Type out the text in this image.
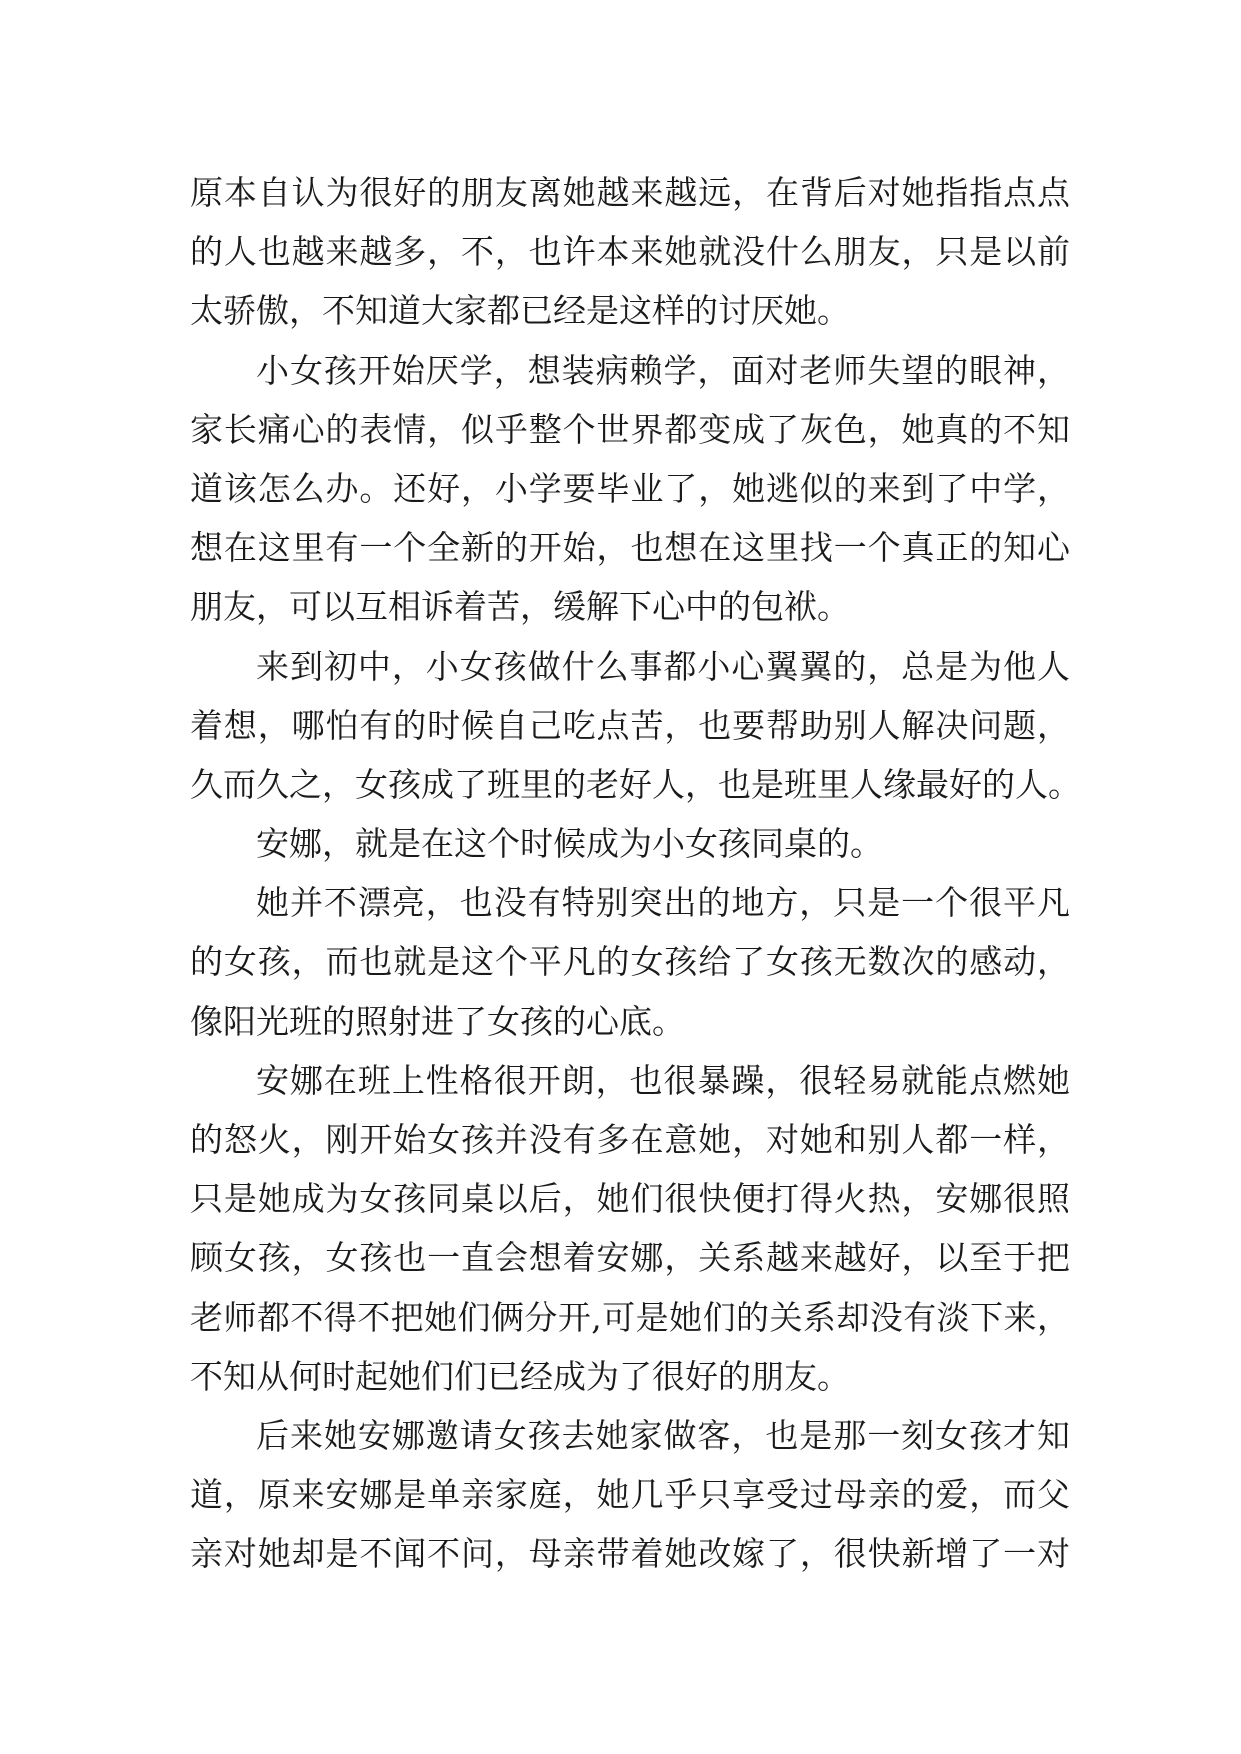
原本自认为很好的朋友离她越来越远，在背后对她指指点点
的人也越来越多，不，也许本来她就没什么朋友，只是以前
太骄傲，不知道大家都已经是这样的讨厌她。
小女孩开始厌学，想装病赖学，面对老师失望的眼神，
家长痛心的表情，似乎整个世界都变成了灰色，她真的不知
道该怎么办。还好，小学要毕业了，她逃似的来到了中学，
想在这里有一个全新的开始，也想在这里找一个真正的知心
朋友，可以互相诉着苦，缓解下心中的包袱。
来到初中，小女孩做什么事都小心翼翼的，总是为他人
着想，哪怕有的时候自己吃点苦，也要帮助别人解决问题，
久而久之，女孩成了班里的老好人，也是班里人缘最好的人。
安娜，就是在这个时候成为小女孩同桌的。
她并不漂亮，也没有特别突出的地方，只是一个很平凡
的女孩，而也就是这个平凡的女孩给了女孩无数次的感动，
像阳光班的照射进了女孩的心底。
安娜在班上性格很开朗，也很暴躁，很轻易就能点燃她
的怒火，刚开始女孩并没有多在意她，对她和别人都一样，
只是她成为女孩同桌以后，她们很快便打得火热，安娜很照
顾女孩，女孩也一直会想着安娜，关系越来越好，以至于把
老师都不得不把她们俩分开,可是她们的关系却没有淡下来，
不知从何时起她们们已经成为了很好的朋友。
后来她安娜邀请女孩去她家做客，也是那一刻女孩才知
道，原来安娜是单亲家庭，她几乎只享受过母亲的爱，而父
亲对她却是不闻不问，母亲带着她改嫁了，很快新增了一对
